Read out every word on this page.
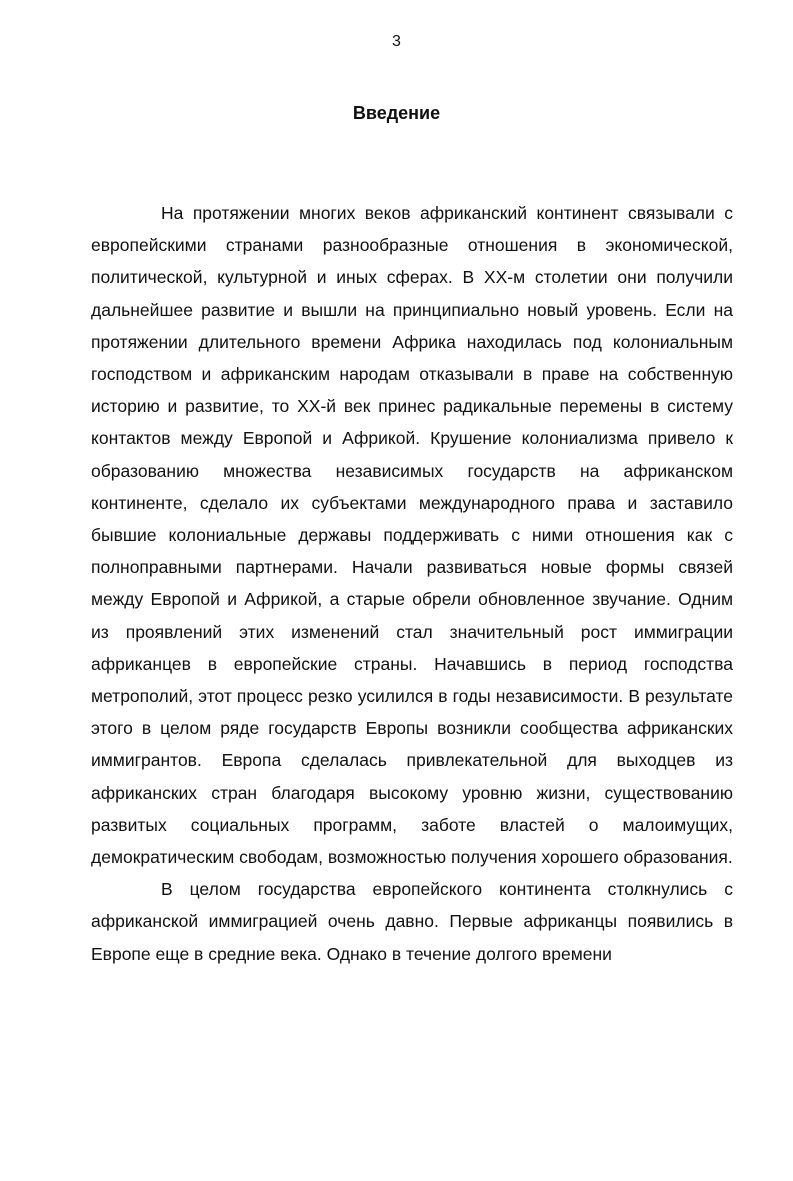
3
Введение

На протяжении многих веков африканский континент связывали с европейскими странами разнообразные отношения в экономической, политической, культурной и иных сферах. В XX-м столетии они получили дальнейшее развитие и вышли на принципиально новый уровень. Если на протяжении длительного времени Африка находилась под колониальным господством и африканским народам отказывали в праве на собственную историю и развитие, то XX-й век принес радикальные перемены в систему контактов между Европой и Африкой. Крушение колониализма привело к образованию множества независимых государств на африканском континенте, сделало их субъектами международного права и заставило бывшие колониальные державы поддерживать с ними отношения как с полноправными партнерами. Начали развиваться новые формы связей между Европой и Африкой, а старые обрели обновленное звучание. Одним из проявлений этих изменений стал значительный рост иммиграции африканцев в европейские страны. Начавшись в период господства метрополий, этот процесс резко усилился в годы независимости. В результате этого в целом ряде государств Европы возникли сообщества африканских иммигрантов. Европа сделалась привлекательной для выходцев из африканских стран благодаря высокому уровню жизни, существованию развитых социальных программ, заботе властей о малоимущих, демократическим свободам, возможностью получения хорошего образования.

В целом государства европейского континента столкнулись с африканской иммиграцией очень давно. Первые африканцы появились в Европе еще в средние века. Однако в течение долгого времени
